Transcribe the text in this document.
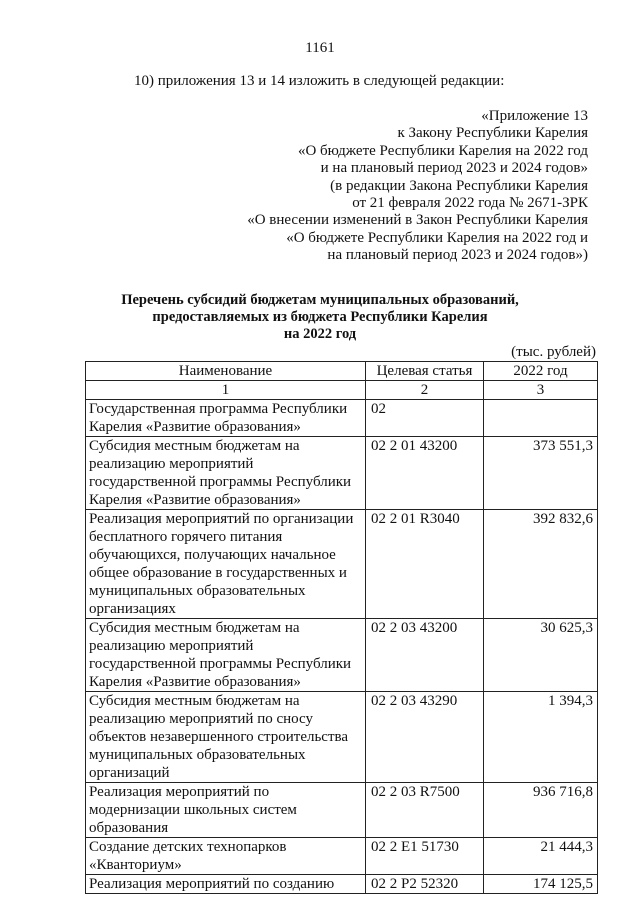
1161
10) приложения 13 и 14 изложить в следующей редакции:
«Приложение 13
к Закону Республики Карелия
«О бюджете Республики Карелия на 2022 год
и на плановый период 2023 и 2024 годов»
(в редакции Закона Республики Карелия
от 21 февраля 2022 года № 2671-ЗРК
«О внесении изменений в Закон Республики Карелия
«О бюджете Республики Карелия на 2022 год и
на плановый период 2023 и 2024 годов»)
Перечень субсидий бюджетам муниципальных образований,
предоставляемых из бюджета Республики Карелия
на 2022 год
(тыс. рублей)
Наименование	Целевая статья	2022 год
1	2	3
Государственная программа Республики Карелия «Развитие образования»	02	
Субсидия местным бюджетам на реализацию мероприятий государственной программы Республики Карелия «Развитие образования»	02 2 01 43200	373 551,3
Реализация мероприятий по организации бесплатного горячего питания обучающихся, получающих начальное общее образование в государственных и муниципальных образовательных организациях	02 2 01 R3040	392 832,6
Субсидия местным бюджетам на реализацию мероприятий государственной программы Республики Карелия «Развитие образования»	02 2 03 43200	30 625,3
Субсидия местным бюджетам на реализацию мероприятий по сносу объектов незавершенного строительства муниципальных образовательных организаций	02 2 03 43290	1 394,3
Реализация мероприятий по модернизации школьных систем образования	02 2 03 R7500	936 716,8
Создание детских технопарков «Кванториум»	02 2 E1 51730	21 444,3
Реализация мероприятий по созданию	02 2 P2 52320	174 125,5
